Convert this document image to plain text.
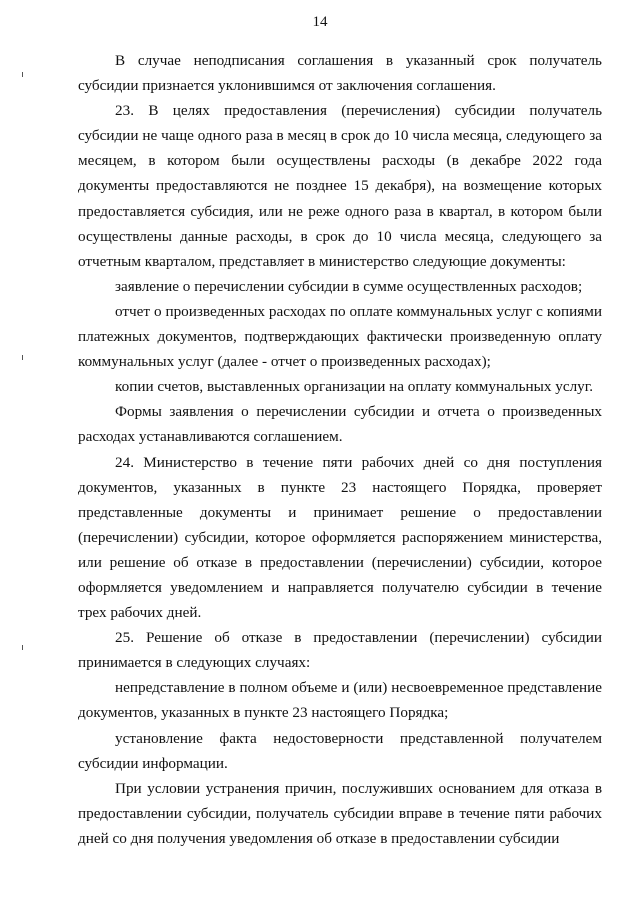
14

В случае неподписания соглашения в указанный срок получатель субсидии признается уклонившимся от заключения соглашения.

23. В целях предоставления (перечисления) субсидии получатель субсидии не чаще одного раза в месяц в срок до 10 числа месяца, следующего за месяцем, в котором были осуществлены расходы (в декабре 2022 года документы предоставляются не позднее 15 декабря), на возмещение которых предоставляется субсидия, или не реже одного раза в квартал, в котором были осуществлены данные расходы, в срок до 10 числа месяца, следующего за отчетным кварталом, представляет в министерство следующие документы:

заявление о перечислении субсидии в сумме осуществленных расходов;

отчет о произведенных расходах по оплате коммунальных услуг с копиями платежных документов, подтверждающих фактически произведенную оплату коммунальных услуг (далее - отчет о произведенных расходах);

копии счетов, выставленных организации на оплату коммунальных услуг.

Формы заявления о перечислении субсидии и отчета о произведенных расходах устанавливаются соглашением.

24. Министерство в течение пяти рабочих дней со дня поступления документов, указанных в пункте 23 настоящего Порядка, проверяет представленные документы и принимает решение о предоставлении (перечислении) субсидии, которое оформляется распоряжением министерства, или решение об отказе в предоставлении (перечислении) субсидии, которое оформляется уведомлением и направляется получателю субсидии в течение трех рабочих дней.

25. Решение об отказе в предоставлении (перечислении) субсидии принимается в следующих случаях:

непредставление в полном объеме и (или) несвоевременное представление документов, указанных в пункте 23 настоящего Порядка;

установление факта недостоверности представленной получателем субсидии информации.

При условии устранения причин, послуживших основанием для отказа в предоставлении субсидии, получатель субсидии вправе в течение пяти рабочих дней со дня получения уведомления об отказе в предоставлении субсидии
